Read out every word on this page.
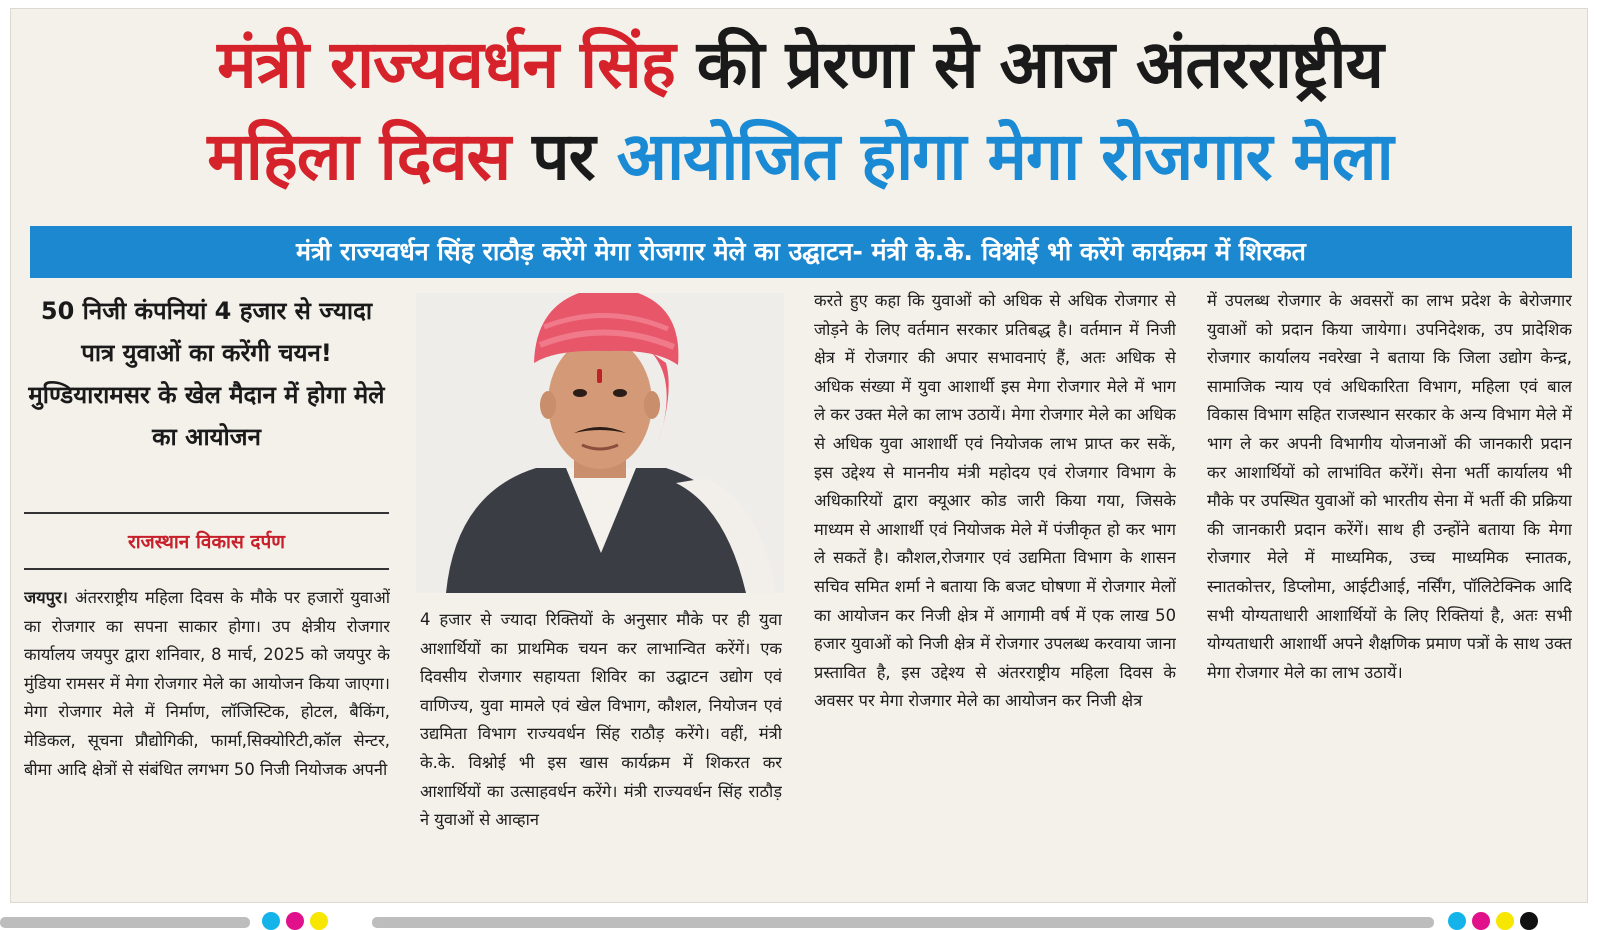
मंत्री राज्यवर्धन सिंह की प्रेरणा से आज अंतरराष्ट्रीय
महिला दिवस पर आयोजित होगा मेगा रोजगार मेला
मंत्री राज्यवर्धन सिंह राठौड़ करेंगे मेगा रोजगार मेले का उद्घाटन- मंत्री के.के. विश्नोई भी करेंगे कार्यक्रम में शिरकत
50 निजी कंपनियां 4 हजार से ज्यादा पात्र युवाओं का करेंगी चयन! मुण्डियारामसर के खेल मैदान में होगा मेले का आयोजन
राजस्थान विकास दर्पण
जयपुर। अंतरराष्ट्रीय महिला दिवस के मौके पर हजारों युवाओं का रोजगार का सपना साकार होगा। उप क्षेत्रीय रोजगार कार्यालय जयपुर द्वारा शनिवार, 8 मार्च, 2025 को जयपुर के मुंडिया रामसर में मेगा रोजगार मेले का आयोजन किया जाएगा। मेगा रोजगार मेले में निर्माण, लॉजिस्टिक, होटल, बैकिंग, मेडिकल, सूचना प्रौद्योगिकी, फार्मा,सिक्योरिटी,कॉल सेन्टर, बीमा आदि क्षेत्रों से संबंधित लगभग 50 निजी नियोजक अपनी
4 हजार से ज्यादा रिक्तियों के अनुसार मौके पर ही युवा आशार्थियों का प्राथमिक चयन कर लाभान्वित करेंगें। एक दिवसीय रोजगार सहायता शिविर का उद्घाटन उद्योग एवं वाणिज्य, युवा मामले एवं खेल विभाग, कौशल, नियोजन एवं उद्यमिता विभाग राज्यवर्धन सिंह राठौड़ करेंगे। वहीं, मंत्री के.के. विश्नोई भी इस खास कार्यक्रम में शिकरत कर आशार्थियों का उत्साहवर्धन करेंगे। मंत्री राज्यवर्धन सिंह राठौड़ ने युवाओं से आव्हान
करते हुए कहा कि युवाओं को अधिक से अधिक रोजगार से जोड़ने के लिए वर्तमान सरकार प्रतिबद्ध है। वर्तमान में निजी क्षेत्र में रोजगार की अपार सभावनाएं हैं, अतः अधिक से अधिक संख्या में युवा आशार्थी इस मेगा रोजगार मेले में भाग ले कर उक्त मेले का लाभ उठायें। मेगा रोजगार मेले का अधिक से अधिक युवा आशार्थी एवं नियोजक लाभ प्राप्त कर सकें, इस उद्देश्य से माननीय मंत्री महोदय एवं रोजगार विभाग के अधिकारियों द्वारा क्यूआर कोड जारी किया गया, जिसके माध्यम से आशार्थी एवं नियोजक मेले में पंजीकृत हो कर भाग ले सकतें है। कौशल,रोजगार एवं उद्यमिता विभाग के शासन सचिव समित शर्मा ने बताया कि बजट घोषणा में रोजगार मेलों का आयोजन कर निजी क्षेत्र में आगामी वर्ष में एक लाख 50 हजार युवाओं को निजी क्षेत्र में रोजगार उपलब्ध करवाया जाना प्रस्तावित है, इस उद्देश्य से अंतरराष्ट्रीय महिला दिवस के अवसर पर मेगा रोजगार मेले का आयोजन कर निजी क्षेत्र
में उपलब्ध रोजगार के अवसरों का लाभ प्रदेश के बेरोजगार युवाओं को प्रदान किया जायेगा। उपनिदेशक, उप प्रादेशिक रोजगार कार्यालय नवरेखा ने बताया कि जिला उद्योग केन्द्र, सामाजिक न्याय एवं अधिकारिता विभाग, महिला एवं बाल विकास विभाग सहित राजस्थान सरकार के अन्य विभाग मेले में भाग ले कर अपनी विभागीय योजनाओं की जानकारी प्रदान कर आशार्थियों को लाभांवित करेंगें। सेना भर्ती कार्यालय भी मौके पर उपस्थित युवाओं को भारतीय सेना में भर्ती की प्रक्रिया की जानकारी प्रदान करेंगें। साथ ही उन्होंने बताया कि मेगा रोजगार मेले में माध्यमिक, उच्च माध्यमिक स्नातक, स्नातकोत्तर, डिप्लोमा, आईटीआई, नर्सिंग, पॉलिटेक्निक आदि सभी योग्यताधारी आशार्थियों के लिए रिक्तियां है, अतः सभी योग्यताधारी आशार्थी अपने शैक्षणिक प्रमाण पत्रों के साथ उक्त मेगा रोजगार मेले का लाभ उठायें।
